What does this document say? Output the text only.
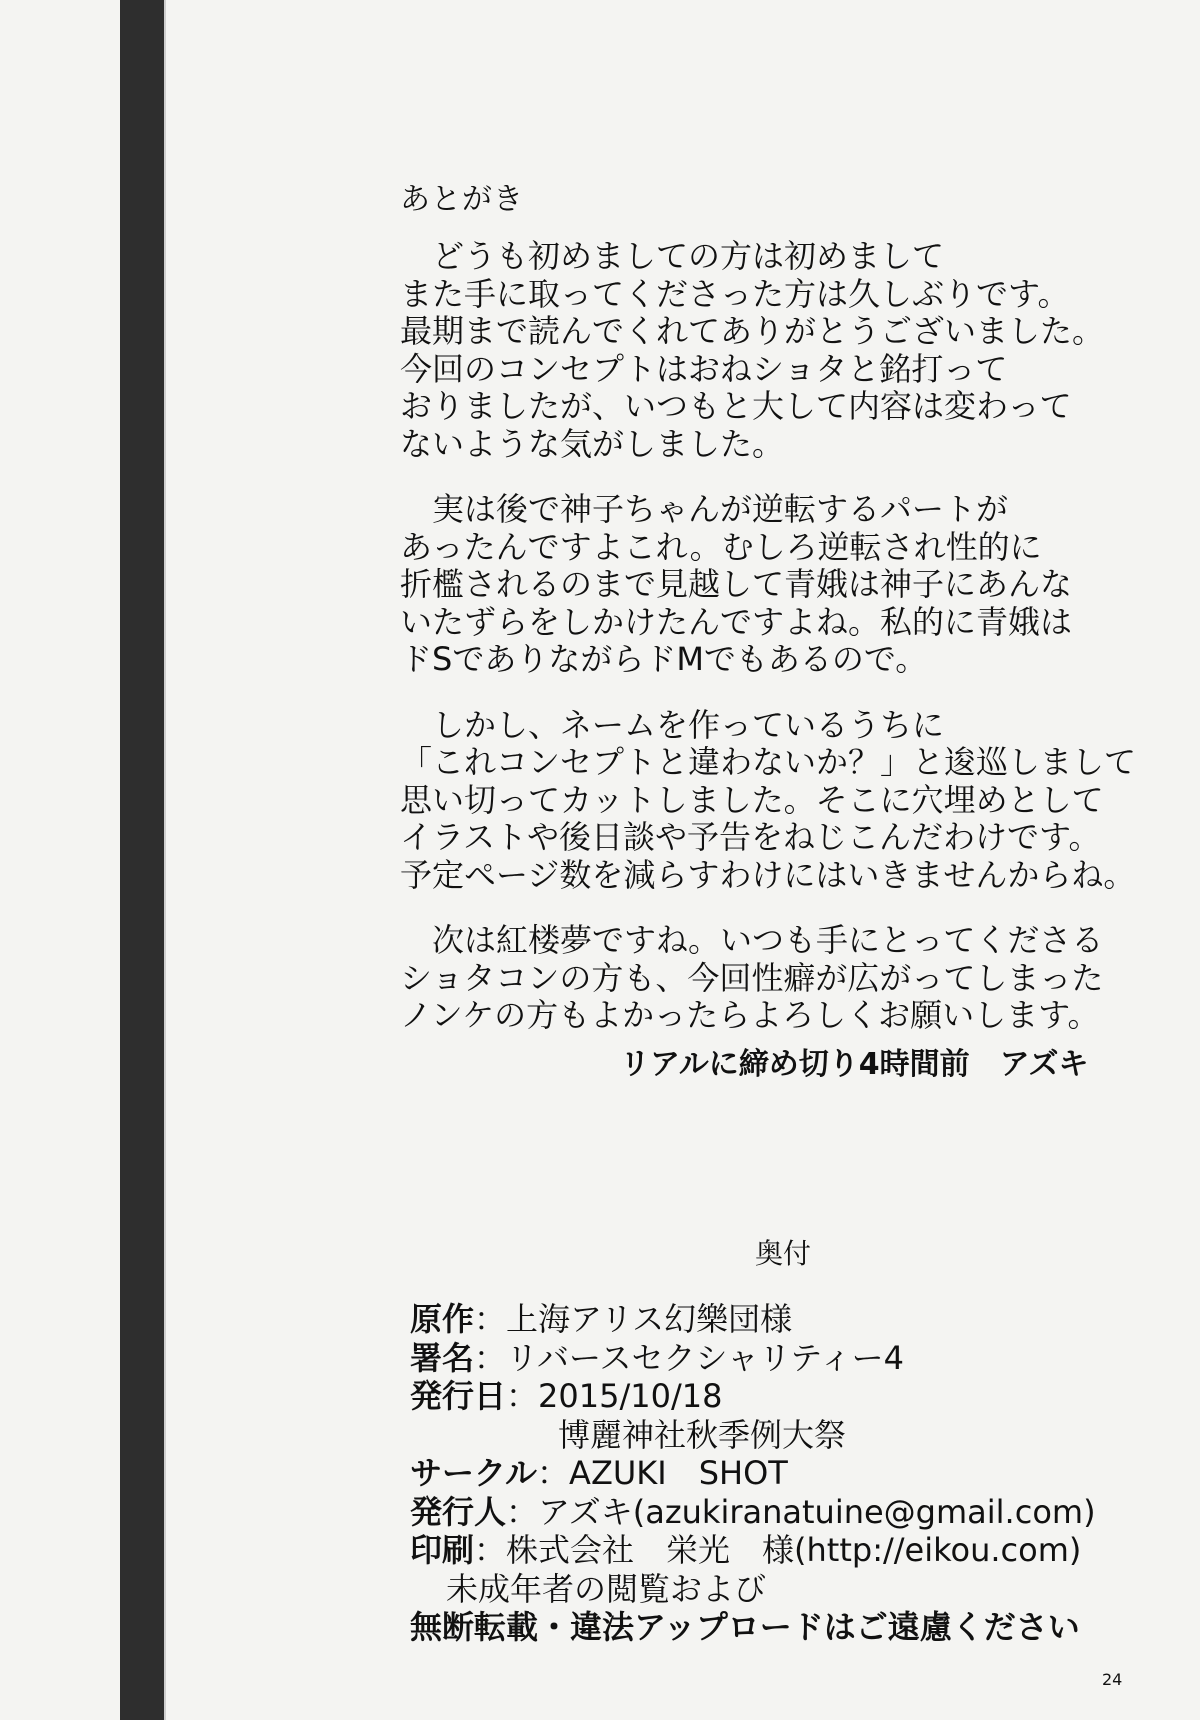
あとがき
　どうも初めましての方は初めまして
また手に取ってくださった方は久しぶりです。
最期まで読んでくれてありがとうございました。
今回のコンセプトはおねショタと銘打って
おりましたが、いつもと大して内容は変わって
ないような気がしました。
　実は後で神子ちゃんが逆転するパートが
あったんですよこれ。むしろ逆転され性的に
折檻されるのまで見越して青娥は神子にあんな
いたずらをしかけたんですよね。私的に青娥は
ドSでありながらドMでもあるので。
　しかし、ネームを作っているうちに
「これコンセプトと違わないか？」と逡巡しまして
思い切ってカットしました。そこに穴埋めとして
イラストや後日談や予告をねじこんだわけです。
予定ページ数を減らすわけにはいきませんからね。
　次は紅楼夢ですね。いつも手にとってくださる
ショタコンの方も、今回性癖が広がってしまった
ノンケの方もよかったらよろしくお願いします。
リアルに締め切り4時間前　アズキ
奥付
原作：上海アリス幻樂団様
署名：リバースセクシャリティー4
発行日：2015/10/18
博麗神社秋季例大祭
サークル：AZUKI　SHOT
発行人：アズキ(azukiranatuine@gmail.com)
印刷：株式会社　栄光　様(http://eikou.com)
未成年者の閲覧および
無断転載・違法アップロードはご遠慮ください
24
